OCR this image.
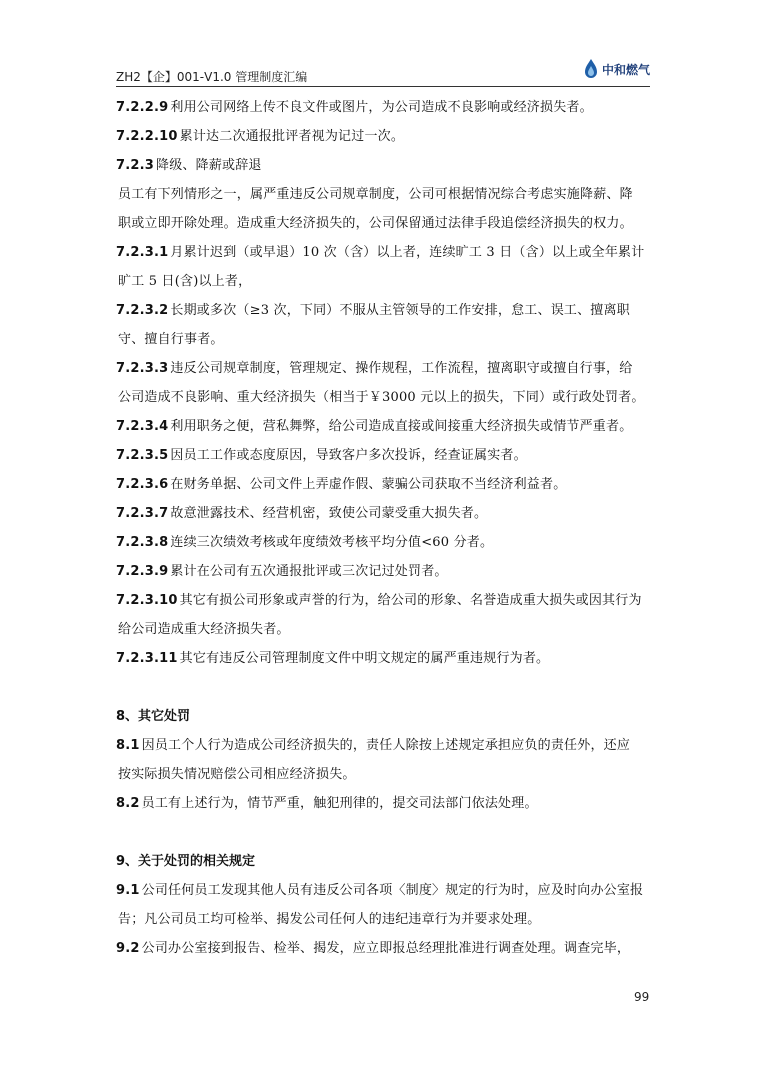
ZH2【企】001-V1.0 管理制度汇编
中和燃气
7.2.2.9 利用公司网络上传不良文件或图片，为公司造成不良影响或经济损失者。
7.2.2.10 累计达二次通报批评者视为记过一次。
7.2.3 降级、降薪或辞退
员工有下列情形之一，属严重违反公司规章制度，公司可根据情况综合考虑实施降薪、降
职或立即开除处理。造成重大经济损失的，公司保留通过法律手段追偿经济损失的权力。
7.2.3.1 月累计迟到（或早退）10 次（含）以上者，连续旷工 3 日（含）以上或全年累计
旷工 5 日(含)以上者，
7.2.3.2 长期或多次（≥3 次，下同）不服从主管领导的工作安排，怠工、误工、擅离职
守、擅自行事者。
7.2.3.3 违反公司规章制度，管理规定、操作规程，工作流程，擅离职守或擅自行事，给
公司造成不良影响、重大经济损失（相当于￥3000 元以上的损失，下同）或行政处罚者。
7.2.3.4 利用职务之便，营私舞弊，给公司造成直接或间接重大经济损失或情节严重者。
7.2.3.5 因员工工作或态度原因，导致客户多次投诉，经查证属实者。
7.2.3.6 在财务单据、公司文件上弄虚作假、蒙骗公司获取不当经济利益者。
7.2.3.7 故意泄露技术、经营机密，致使公司蒙受重大损失者。
7.2.3.8 连续三次绩效考核或年度绩效考核平均分值<60 分者。
7.2.3.9 累计在公司有五次通报批评或三次记过处罚者。
7.2.3.10 其它有损公司形象或声誉的行为，给公司的形象、名誉造成重大损失或因其行为
给公司造成重大经济损失者。
7.2.3.11 其它有违反公司管理制度文件中明文规定的属严重违规行为者。
8、其它处罚
8.1 因员工个人行为造成公司经济损失的，责任人除按上述规定承担应负的责任外，还应
按实际损失情况赔偿公司相应经济损失。
8.2 员工有上述行为，情节严重，触犯刑律的，提交司法部门依法处理。
9、关于处罚的相关规定
9.1 公司任何员工发现其他人员有违反公司各项〈制度〉规定的行为时，应及时向办公室报
告；凡公司员工均可检举、揭发公司任何人的违纪违章行为并要求处理。
9.2 公司办公室接到报告、检举、揭发，应立即报总经理批准进行调查处理。调查完毕，
99
